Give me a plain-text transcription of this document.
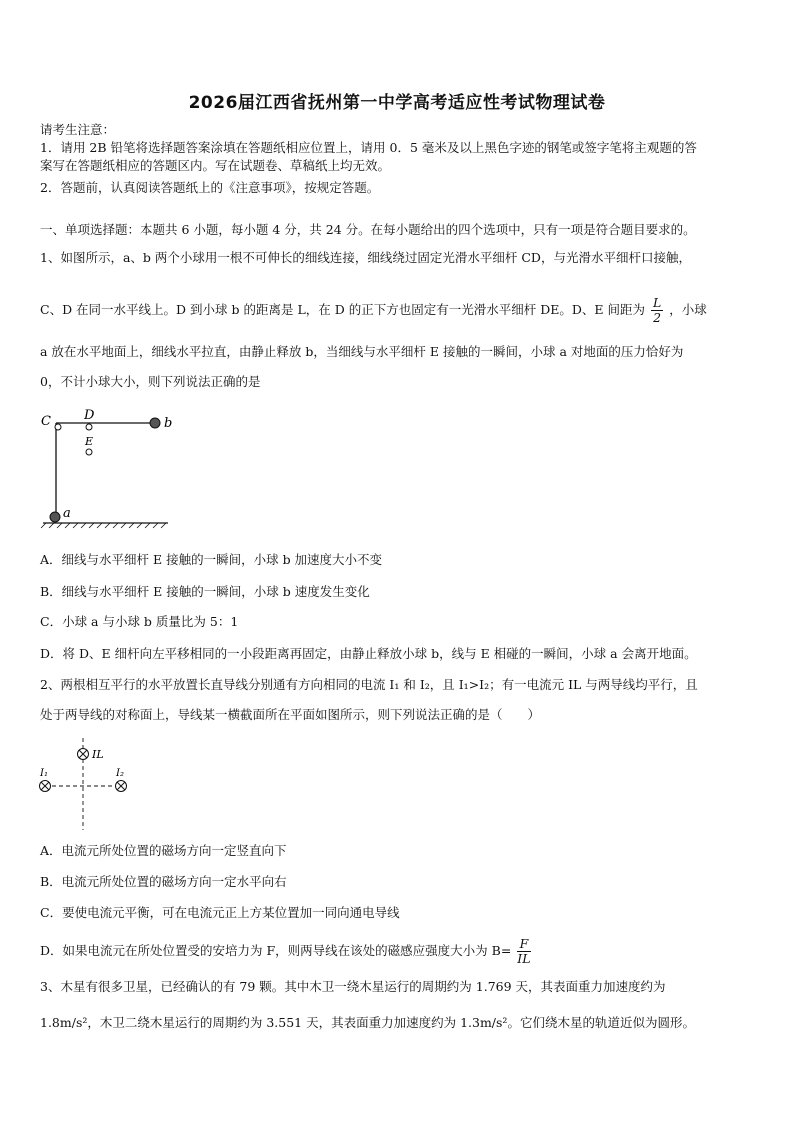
2026届江西省抚州第一中学高考适应性考试物理试卷
请考生注意：
1．请用 2B 铅笔将选择题答案涂填在答题纸相应位置上，请用 0．5 毫米及以上黑色字迹的钢笔或签字笔将主观题的答
案写在答题纸相应的答题区内。写在试题卷、草稿纸上均无效。
2．答题前，认真阅读答题纸上的《注意事项》，按规定答题。
一、单项选择题：本题共 6 小题，每小题 4 分，共 24 分。在每小题给出的四个选项中，只有一项是符合题目要求的。
1、如图所示，a、b 两个小球用一根不可伸长的细线连接，细线绕过固定光滑水平细杆 CD，与光滑水平细杆口接触，
C、D 在同一水平线上。D 到小球 b 的距离是 L，在 D 的正下方也固定有一光滑水平细杆 DE。D、E 间距为 $\frac{L}{2}$ ，小球
a 放在水平地面上，细线水平拉直，由静止释放 b，当细线与水平细杆 E 接触的一瞬间，小球 a 对地面的压力恰好为
0，不计小球大小，则下列说法正确的是
C	D
E
b
a
A．细线与水平细杆 E 接触的一瞬间，小球 b 加速度大小不变
B．细线与水平细杆 E 接触的一瞬间，小球 b 速度发生变化
C．小球 a 与小球 b 质量比为 5：1
D．将 D、E 细杆向左平移相同的一小段距离再固定，由静止释放小球 b，线与 E 相碰的一瞬间，小球 a 会离开地面。
2、两根相互平行的水平放置长直导线分别通有方向相同的电流 I₁ 和 I₂，且 I₁>I₂；有一电流元 IL 与两导线均平行，且
处于两导线的对称面上，导线某一横截面所在平面如图所示，则下列说法正确的是（　　）
IL
I₁	I₂
A．电流元所处位置的磁场方向一定竖直向下
B．电流元所处位置的磁场方向一定水平向右
C．要使电流元平衡，可在电流元正上方某位置加一同向通电导线
D．如果电流元在所处位置受的安培力为 F，则两导线在该处的磁感应强度大小为 $B= \frac{F}{IL}$
3、木星有很多卫星，已经确认的有 79 颗。其中木卫一绕木星运行的周期约为 1.769 天，其表面重力加速度约为
1.8m/s²，木卫二绕木星运行的周期约为 3.551 天，其表面重力加速度约为 1.3m/s²。它们绕木星的轨道近似为圆形。
